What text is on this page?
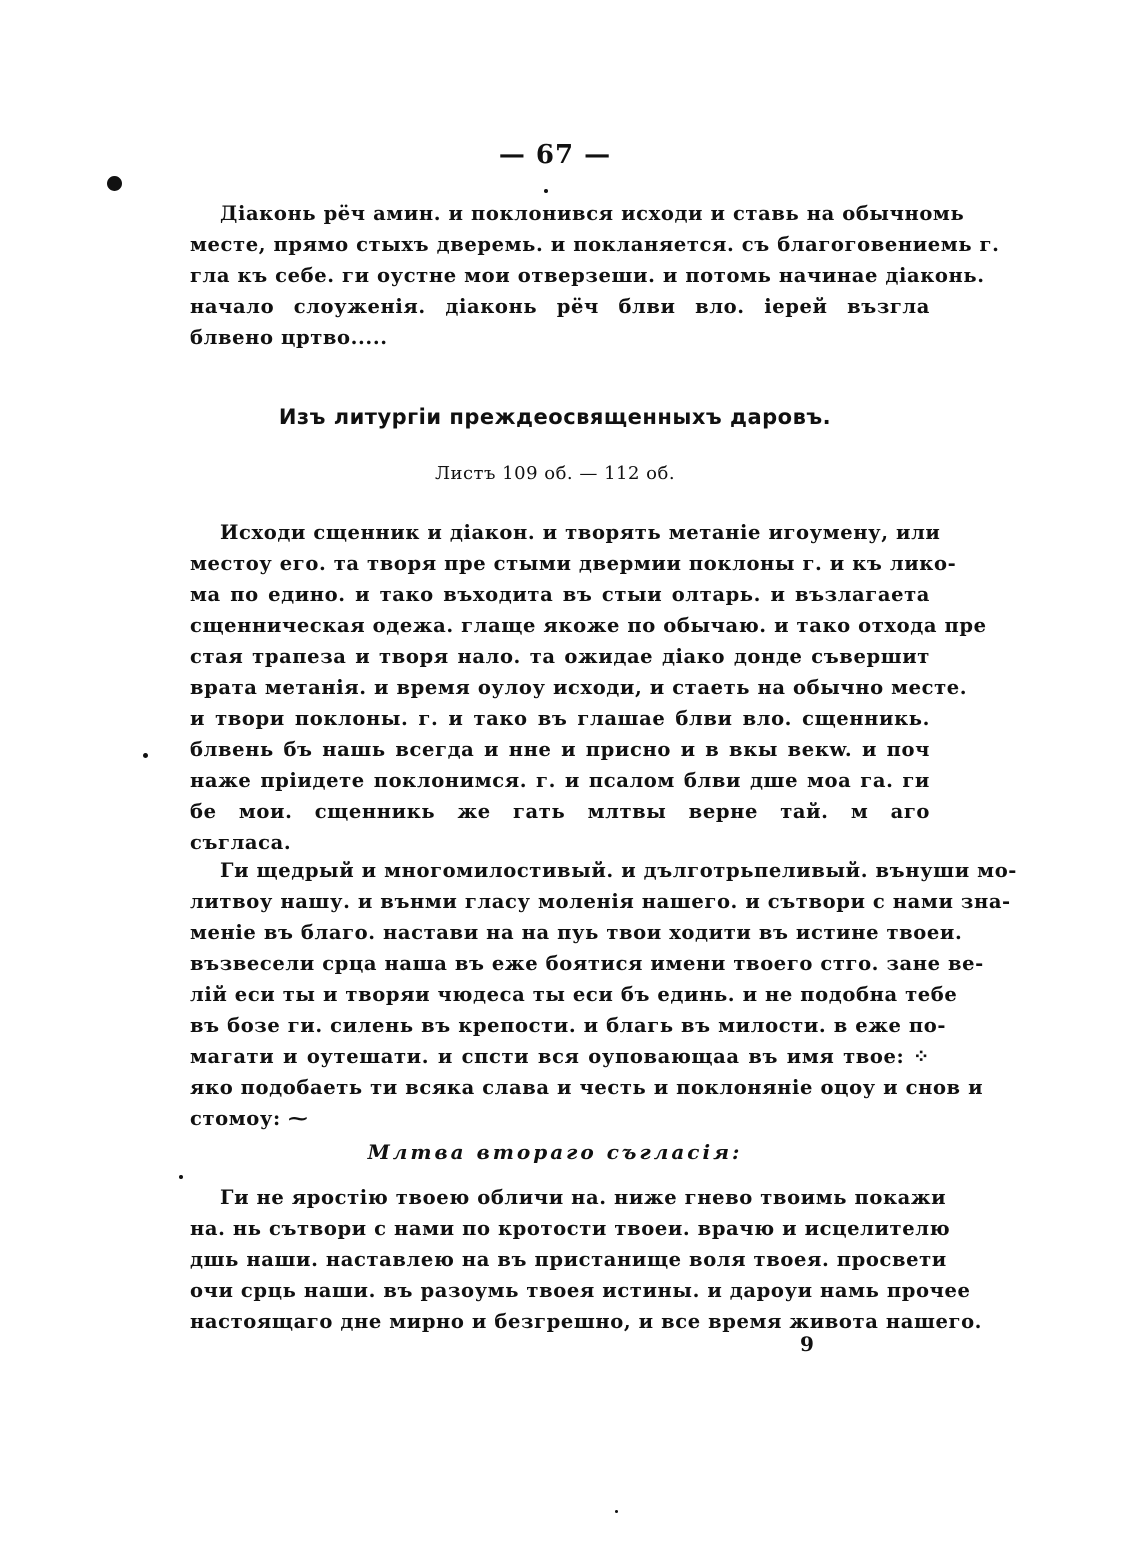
— 67 —
Діаконь рёч амин. и поклонився исходи и ставь на обычномь
месте, прямо стыхъ дверемь. и покланяется. съ благоговениемь г.
гла къ себе. ги оустне мои отверзеши. и потомь начинае діаконь.
начало слоуженія. діаконь рёч блви вло. іерей възгла
блвено цртво.....
Изъ литургіи преждеосвященныхъ даровъ.
Листъ 109 об. — 112 об.
Исходи сщенник и діакон. и творять метаніе игоумену, или
местоу его. та творя пре стыми двермии поклоны г. и къ лико-
ма по едино. и тако въходита въ стыи олтарь. и възлагаета
сщенническая одежа. глаще якоже по обычаю. и тако отхода пре
стая трапеза и творя нало. та ожидае діако донде съвершит
врата метанія. и время оулоу исходи, и стаеть на обычно месте.
и твори поклоны. г. и тако въ глашае блви вло. сщенникь.
блвень бъ нашь всегда и нне и присно и в вкы векw. и поч
наже пріидете поклонимся. г. и псалом блви дше моа га. ги
бе мои. сщенникь же гать млтвы верне тай. м аго
съгласа.
Ги щедрый и многомилостивый. и дълготрьпеливый. вънуши мо-
литвоу нашу. и вънми гласу моленія нашего. и сътвори с нами зна-
меніе въ благо. настави на на пуь твои ходити въ истине твоеи.
възвесели срца наша въ еже боятися имени твоего стго. зане ве-
лій еси ты и творяи чюдеса ты еси бъ единь. и не подобна тебе
въ бозе ги. силень въ крепости. и благь въ милости. в еже по-
магати и оутешати. и спсти вся оуповающаа въ имя твое: ⁘
яко подобаеть ти всяка слава и честь и поклоняніе оцоу и снов и
стомоу: ⁓
Млтва втораго съгласія:
Ги не яростію твоею обличи на. ниже гнево твоимь покажи
на. нь сътвори с нами по кротости твоеи. врачю и исцелителю
дшь наши. наставлею на въ пристанище воля твоея. просвети
очи срць наши. въ разоумь твоея истины. и дароуи намь прочее
настоящаго дне мирно и безгрешно, и все время живота нашего.
9
